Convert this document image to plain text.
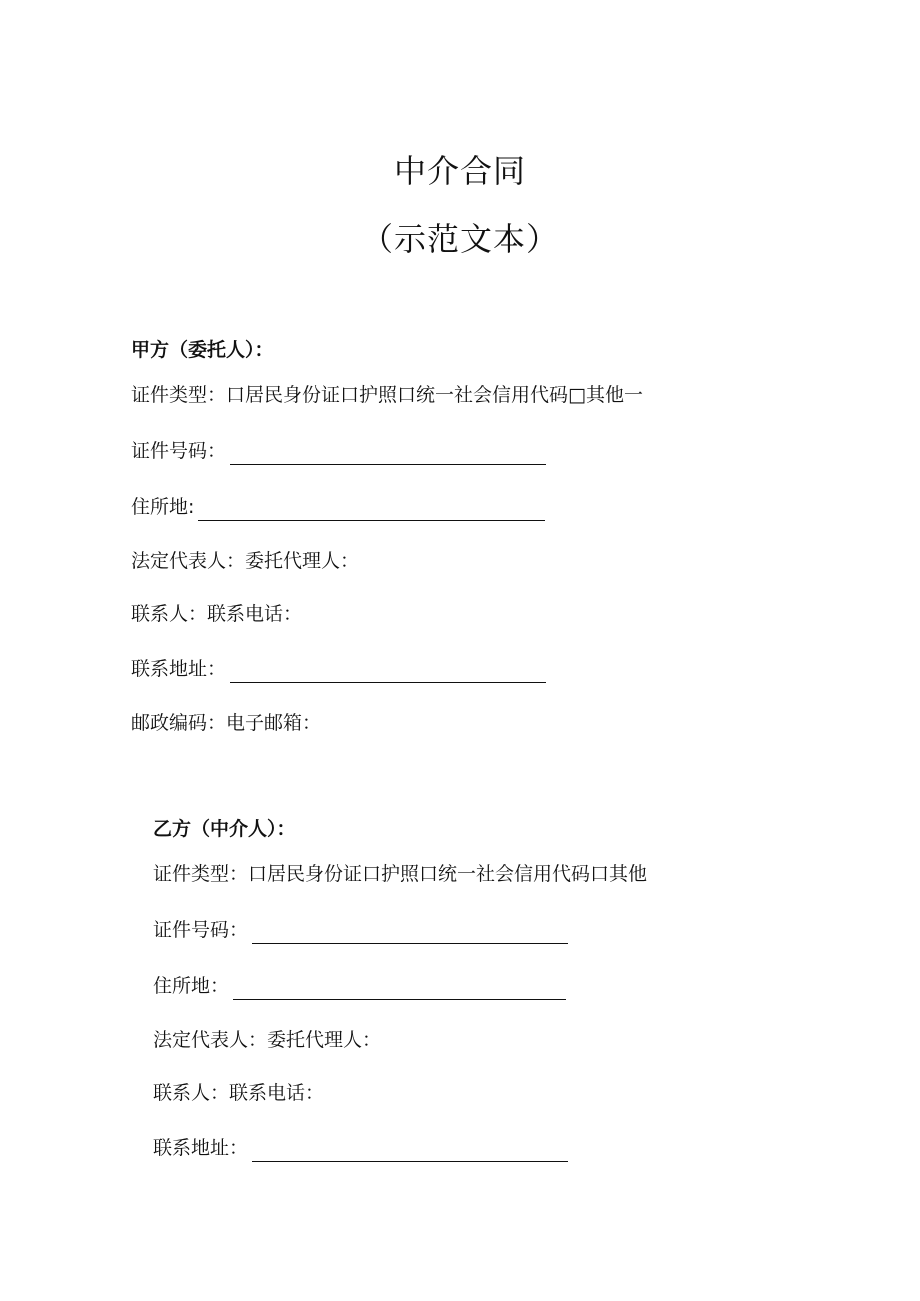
中介合同
（示范文本）
甲方（委托人）：
证件类型：口居民身份证口护照口统一社会信用代码□其他一
证件号码：
住所地:
法定代表人：委托代理人：
联系人：联系电话：
联系地址：
邮政编码：电子邮箱：
乙方（中介人）：
证件类型：口居民身份证口护照口统一社会信用代码口其他
证件号码：
住所地：
法定代表人：委托代理人：
联系人：联系电话：
联系地址：
